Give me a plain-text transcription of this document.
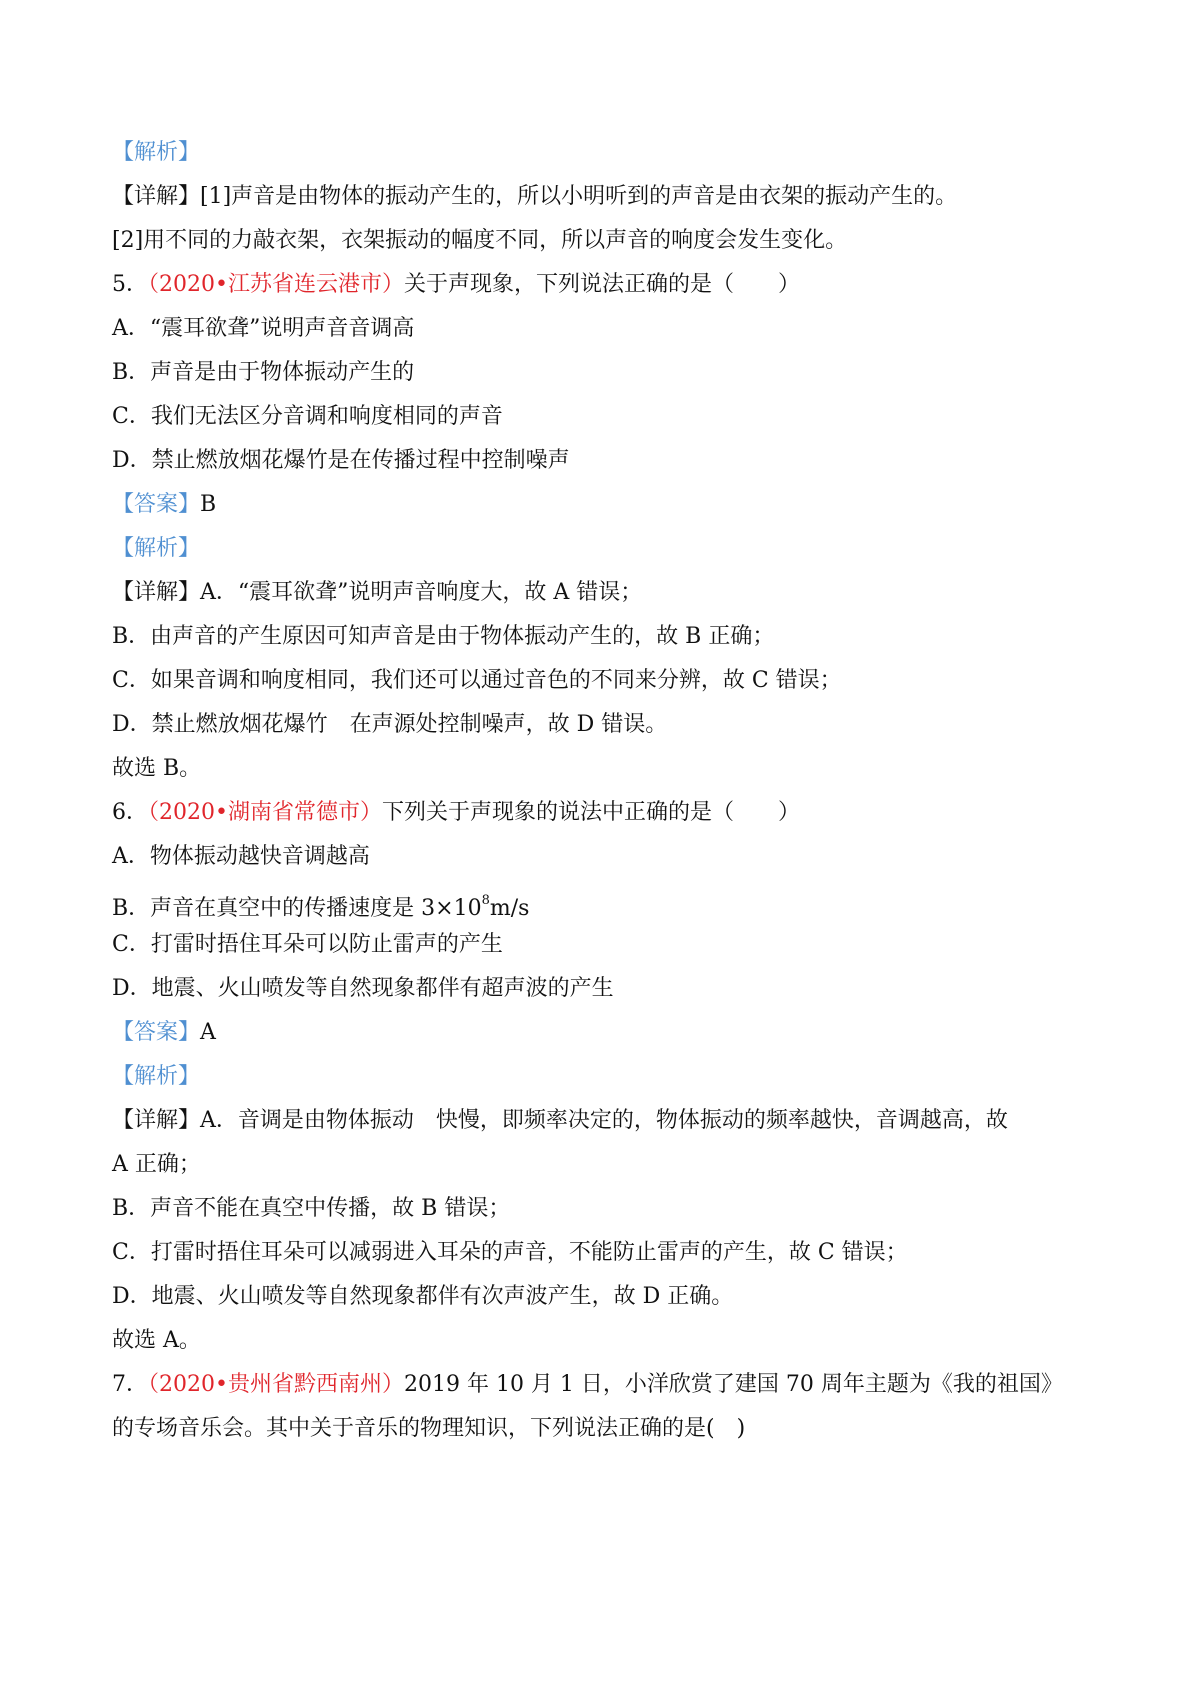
【解析】
【详解】[1]声音是由物体的振动产生的，所以小明听到的声音是由衣架的振动产生的。
[2]用不同的力敲衣架，衣架振动的幅度不同，所以声音的响度会发生变化。
5．（2020•江苏省连云港市）关于声现象，下列说法正确的是（　　）
A．“震耳欲聋”说明声音音调高
B．声音是由于物体振动产生的
C．我们无法区分音调和响度相同的声音
D．禁止燃放烟花爆竹是在传播过程中控制噪声
【答案】B
【解析】
【详解】A．“震耳欲聋”说明声音响度大，故 A 错误；
B．由声音的产生原因可知声音是由于物体振动产生的，故 B 正确；
C．如果音调和响度相同，我们还可以通过音色的不同来分辨，故 C 错误；
D．禁止燃放烟花爆竹　在声源处控制噪声，故 D 错误。
故选 B。
6．（2020•湖南省常德市）下列关于声现象的说法中正确的是（　　）
A．物体振动越快音调越高
B．声音在真空中的传播速度是 $3\times 10^8m/s$
C．打雷时捂住耳朵可以防止雷声的产生
D．地震、火山喷发等自然现象都伴有超声波的产生
【答案】A
【解析】
【详解】A．音调是由物体振动　快慢，即频率决定的，物体振动的频率越快，音调越高，故
A 正确；
B．声音不能在真空中传播，故 B 错误；
C．打雷时捂住耳朵可以减弱进入耳朵的声音，不能防止雷声的产生，故 C 错误；
D．地震、火山喷发等自然现象都伴有次声波产生，故 D 正确。
故选 A。
7．（2020•贵州省黔西南州）2019 年 10 月 1 日，小洋欣赏了建国 70 周年主题为《我的祖国》
的专场音乐会。其中关于音乐的物理知识，下列说法正确的是(　)
